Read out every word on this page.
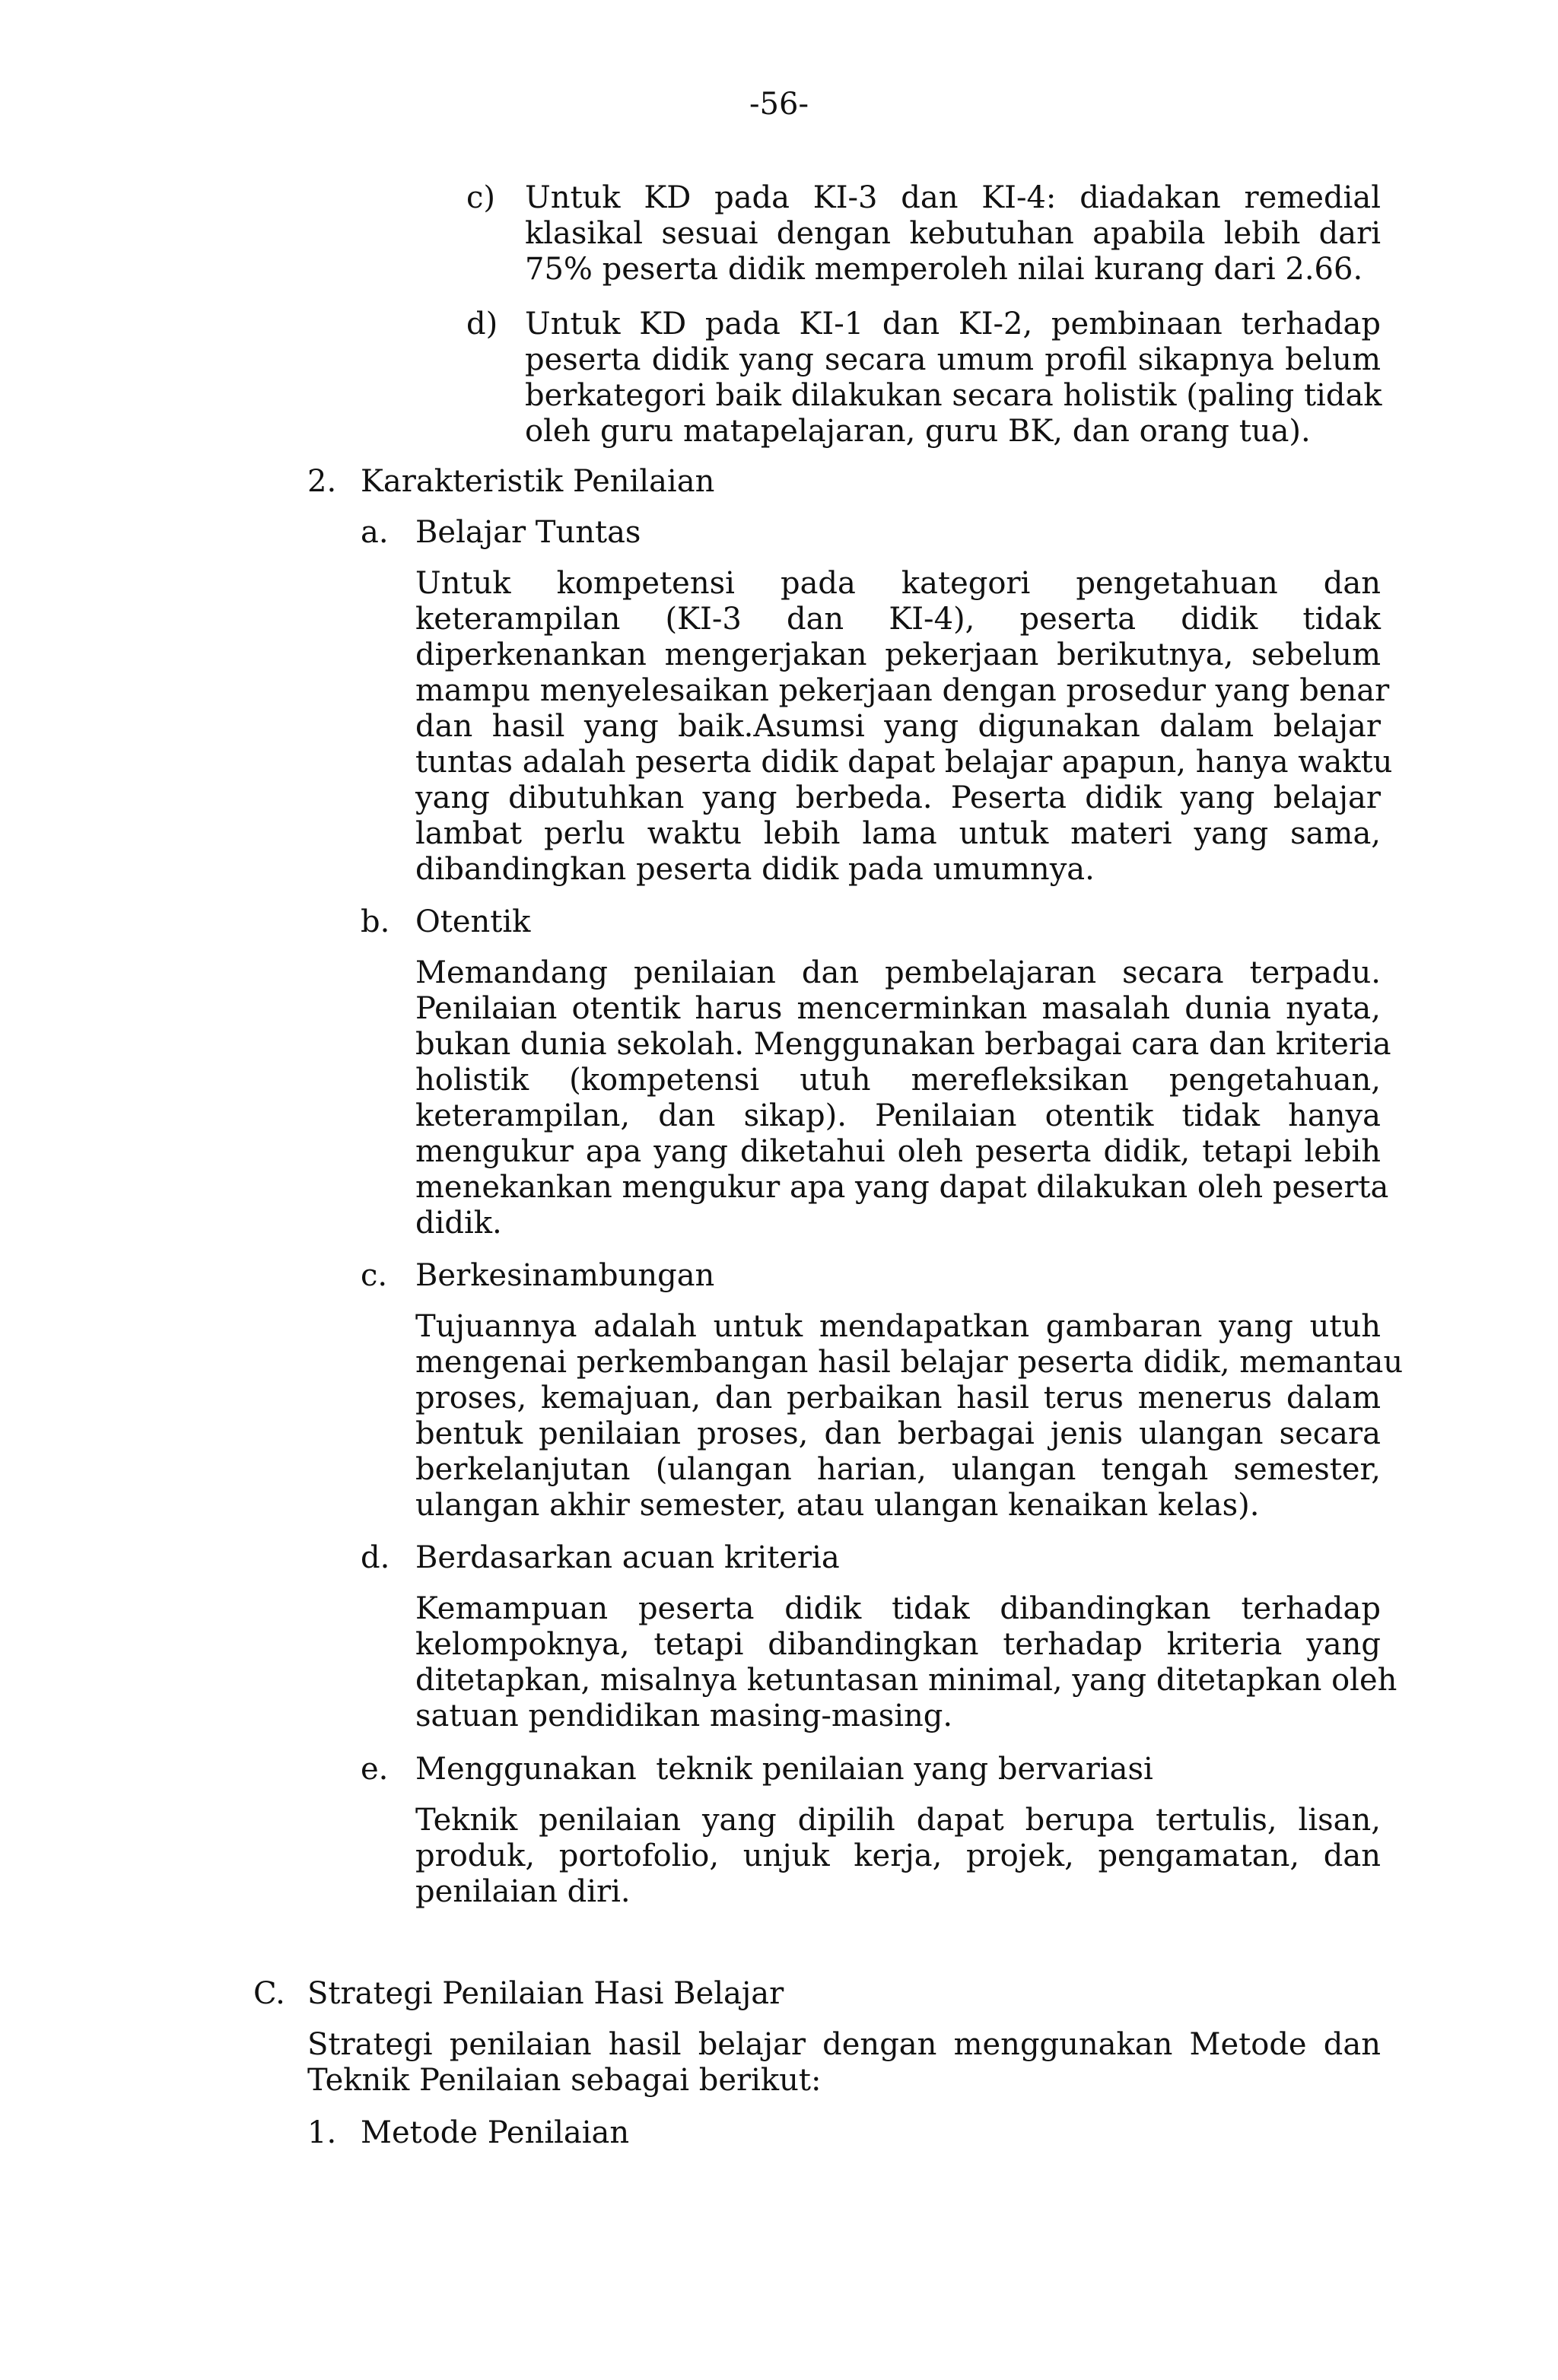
-56-
c) Untuk KD pada KI-3 dan KI-4: diadakan remedial
klasikal sesuai dengan kebutuhan apabila lebih dari
75% peserta didik memperoleh nilai kurang dari 2.66.
d) Untuk KD pada KI-1 dan KI-2, pembinaan terhadap
peserta didik yang secara umum profil sikapnya belum
berkategori baik dilakukan secara holistik (paling tidak
oleh guru matapelajaran, guru BK, dan orang tua).
2. Karakteristik Penilaian
a. Belajar Tuntas
Untuk kompetensi pada kategori pengetahuan dan
keterampilan (KI-3 dan KI-4), peserta didik tidak
diperkenankan mengerjakan pekerjaan berikutnya, sebelum
mampu menyelesaikan pekerjaan dengan prosedur yang benar
dan hasil yang baik.Asumsi yang digunakan dalam belajar
tuntas adalah peserta didik dapat belajar apapun, hanya waktu
yang dibutuhkan yang berbeda. Peserta didik yang belajar
lambat perlu waktu lebih lama untuk materi yang sama,
dibandingkan peserta didik pada umumnya.
b. Otentik
Memandang penilaian dan pembelajaran secara terpadu.
Penilaian otentik harus mencerminkan masalah dunia nyata,
bukan dunia sekolah. Menggunakan berbagai cara dan kriteria
holistik (kompetensi utuh merefleksikan pengetahuan,
keterampilan, dan sikap). Penilaian otentik tidak hanya
mengukur apa yang diketahui oleh peserta didik, tetapi lebih
menekankan mengukur apa yang dapat dilakukan oleh peserta
didik.
c. Berkesinambungan
Tujuannya adalah untuk mendapatkan gambaran yang utuh
mengenai perkembangan hasil belajar peserta didik, memantau
proses, kemajuan, dan perbaikan hasil terus menerus dalam
bentuk penilaian proses, dan berbagai jenis ulangan secara
berkelanjutan (ulangan harian, ulangan tengah semester,
ulangan akhir semester, atau ulangan kenaikan kelas).
d. Berdasarkan acuan kriteria
Kemampuan peserta didik tidak dibandingkan terhadap
kelompoknya, tetapi dibandingkan terhadap kriteria yang
ditetapkan, misalnya ketuntasan minimal, yang ditetapkan oleh
satuan pendidikan masing-masing.
e. Menggunakan  teknik penilaian yang bervariasi
Teknik penilaian yang dipilih dapat berupa tertulis, lisan,
produk, portofolio, unjuk kerja, projek, pengamatan, dan
penilaian diri.
C. Strategi Penilaian Hasi Belajar
Strategi penilaian hasil belajar dengan menggunakan Metode dan
Teknik Penilaian sebagai berikut:
1. Metode Penilaian
